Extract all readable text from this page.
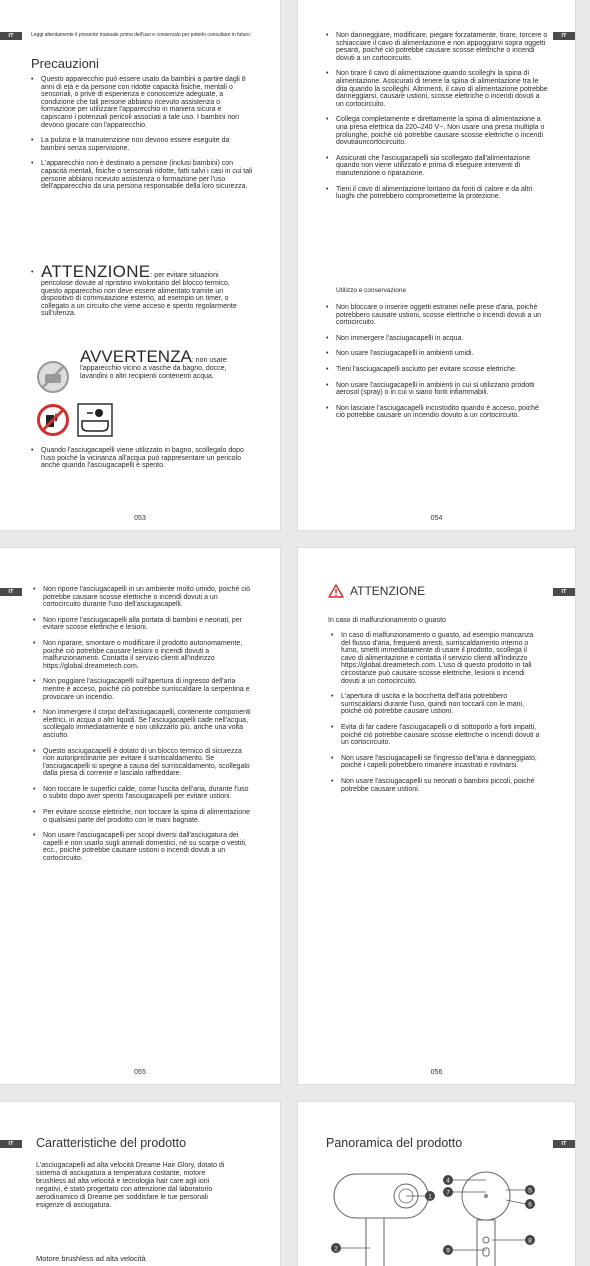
IT	Leggi attentamente il presente manuale prima dell'uso e conservalo per poterlo consultare in futuro.
Precauzioni
• Questo apparecchio può essere usato da bambini a partire dagli 8 anni di età e da persone con ridotte capacità fisiche, mentali o sensoriali, o prive di esperienza e conoscenze adeguate, a condizione che tali persone abbiano ricevuto assistenza o formazione per utilizzare l'apparecchio in maniera sicura e capiscano i potenziali pericoli associati a tale uso. I bambini non devono giocare con l'apparecchio.
• La pulizia e la manutenzione non devono essere eseguite da bambini senza supervisione.
• L'apparecchio non è destinato a persone (inclusi bambini) con capacità mentali, fisiche o sensoriali ridotte, fatti salvi i casi in cui tali persone abbiano ricevuto assistenza o formazione per l'uso dell'apparecchio da una persona responsabile della loro sicurezza.
• ATTENZIONE: per evitare situazioni pericolose dovute al ripristino involontario del blocco termico, questo apparecchio non deve essere alimentato tramite un dispositivo di commutazione esterno, ad esempio un timer, o collegato a un circuito che viene acceso e spento regolarmente sull'utenza.
AVVERTENZA: non usare l'apparecchio vicino a vasche da bagno, docce, lavandini o altri recipienti contenenti acqua.
• Quando l'asciugacapelli viene utilizzato in bagno, scollegalo dopo l'uso poiché la vicinanza all'acqua può rappresentare un pericolo anche quando l'asciugacapelli è spento.
053
IT
• Non danneggiare, modificare, piegare forzatamente, tirare, torcere o schiacciare il cavo di alimentazione e non appoggiarvi sopra oggetti pesanti, poiché ciò potrebbe causare scosse elettriche o incendi dovuti a un cortocircuito.
• Non tirare il cavo di alimentazione quando scolleghi la spina di alimentazione. Assicurati di tenere la spina di alimentazione tra le dita quando la scolleghi. Altrimenti, il cavo di alimentazione potrebbe danneggiarsi, causare ustioni, scosse elettriche o incendi dovuti a un cortocircuito.
• Collega completamente e direttamente la spina di alimentazione a una presa elettrica da 220–240 V~. Non usare una presa multipla o prolunghe, poiché ciò potrebbe causare scosse elettriche o incendi dovutiauncortocircuito.
• Assicurati che l'asciugacapelli sia scollegato dall'alimentazione quando non viene utilizzato e prima di eseguire interventi di manutenzione o riparazione.
• Tieni il cavo di alimentazione lontano da fonti di calore e da altri luoghi che potrebbero comprometterne la protezione.
Utilizzo e conservazione
• Non bloccare o inserire oggetti estranei nelle prese d'aria, poiché potrebbero causare ustioni, scosse elettriche o incendi dovuti a un cortocircuito.
• Non immergere l'asciugacapelli in acqua.
• Non usare l'asciugacapelli in ambienti umidi.
• Tieni l'asciugacapelli asciutto per evitare scosse elettriche.
• Non usare l'asciugacapelli in ambienti in cui si utilizzano prodotti aerosol (spray) o in cui vi siano fonti infiammabili.
• Non lasciare l'asciugacapelli incustodito quando è acceso, poiché ciò potrebbe causare un incendio dovuto a un cortocircuito.
054
IT
•	Non riporre l'asciugacapelli in un ambiente molto umido, poiché ciò potrebbe causare scosse elettriche o incendi dovuti a un cortocircuito durante l'uso dell'asciugacapelli.
• Non riporre l'asciugacapelli alla portata di bambini e neonati, per evitare scosse elettriche e lesioni.
• Non riparare, smontare o modificare il prodotto autonomamente, poiché ciò potrebbe causare lesioni o incendi dovuti a malfunzionamenti. Contatta il servizio clienti all'indirizzo https://global.dreametech.com.
• Non poggiare l'asciugacapelli sull'apertura di ingresso dell'aria mentre è acceso, poiché ciò potrebbe surriscaldare la serpentina e provocare un incendio.
• Non immergere il corpo dell'asciugacapelli, contenente componenti elettrici, in acqua o altri liquidi. Se l'asciugacapelli cade nell'acqua, scollegalo immediatamente e non utilizzarlo più, anche una volta asciutto.
• Questo asciugacapelli è dotato di un blocco termico di sicurezza non autoripristinante per evitare il surriscaldamento. Se l'asciugacapelli si spegne a causa del surriscaldamento, scollegalo dalla presa di corrente e lascialo raffreddare.
• Non toccare le superfici calde, come l'uscita dell'aria, durante l'uso o subito dopo aver spento l'asciugacapelli per evitare ustioni.
• Per evitare scosse elettriche, non toccare la spina di alimentazione o qualsiasi parte del prodotto con le mani bagnate.
• Non usare l'asciugacapelli per scopi diversi dall'asciugatura dei capelli e non usarlo sugli animali domestici, né su scarpe o vestiti, ecc., poiché potrebbe causare ustioni o incendi dovuti a un cortocircuito.
055
IT
ATTENZIONE
In caso di malfunzionamento o guasto
• In caso di malfunzionamento o guasto, ad esempio mancanza del flusso d'aria, frequenti arresti, surriscaldamento interno o fumo, smetti immediatamente di usare il prodotto, scollega il cavo di alimentazione e contatta il servizio clienti all'indirizzo https://global.dreametech.com. L'uso di questo prodotto in tali circostanze può causare scosse elettriche, lesioni o incendi dovuti a un cortocircuito.
• L'apertura di uscita e la bocchetta dell'aria potrebbero surriscaldarsi durante l'uso, quindi non toccarli con le mani, poiché ciò potrebbe causare ustioni.
• Evita di far cadere l'asciugacapelli o di sottoporlo a forti impatti, poiché ciò potrebbe causare scosse elettriche o incendi dovuti a un cortocircuito.
• Non usare l'asciugacapelli se l'ingresso dell'aria è danneggiato, poiché i capelli potrebbero rimanere incastrati e rovinarsi.
• Non usare l'asciugacapelli su neonati o bambini piccoli, poiché potrebbe causare ustioni.
056
IT	Caratteristiche del prodotto
L'asciugacapelli ad alta velocità Dreame Hair Glory, dotato di sistema di asciugatura a temperatura costante, motore brushless ad alta velocità e tecnologia hair care agli ioni negativi, è stato progettato con attenzione dal laboratorio aerodinamico di Dreame per soddisfare le tue personali esigenze di asciugatura.
Motore brushless ad alta velocità
IT
Panoramica del prodotto
1
2
4
5
6
7
8
9
